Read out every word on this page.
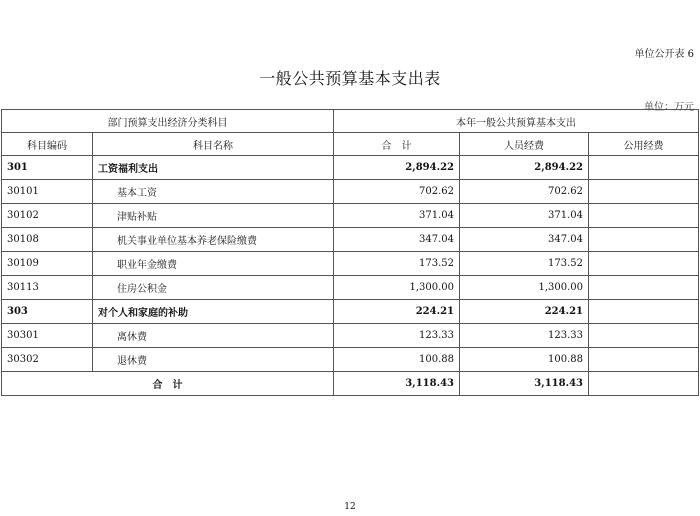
单位公开表 6
一般公共预算基本支出表
单位：万元
部门预算支出经济分类科目		本年一般公共预算基本支出		
科目编码	科目名称	合　计	人员经费	公用经费
301	工资福利支出	2,894.22	2,894.22	
30101	基本工资	702.62	702.62	
30102	津贴补贴	371.04	371.04	
30108	机关事业单位基本养老保险缴费	347.04	347.04	
30109	职业年金缴费	173.52	173.52	
30113	住房公积金	1,300.00	1,300.00	
303	对个人和家庭的补助	224.21	224.21	
30301	离休费	123.33	123.33	
30302	退休费	100.88	100.88	
合　计		3,118.43	3,118.43	
12
